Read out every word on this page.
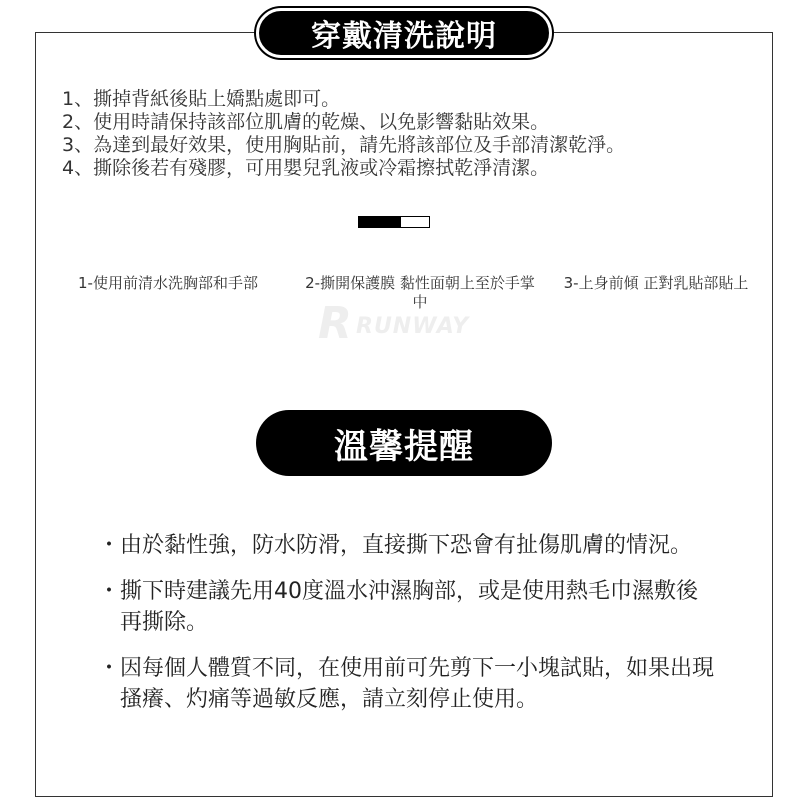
穿戴清洗說明
1、撕掉背紙後貼上嬌點處即可。
2、使用時請保持該部位肌膚的乾燥、以免影響黏貼效果。
3、為達到最好效果，使用胸貼前，請先將該部位及手部清潔乾淨。
4、撕除後若有殘膠，可用嬰兒乳液或冷霜擦拭乾淨清潔。
1-使用前清水洗胸部和手部	2-撕開保護膜 黏性面朝上至於手掌中
3-上身前傾 正對乳貼部貼上
R RUNWAY
溫馨提醒
・ 由於黏性強，防水防滑，直接撕下恐會有扯傷肌膚的情況。
・ 撕下時建議先用40度溫水沖濕胸部，或是使用熱毛巾濕敷後再撕除。
・ 因每個人體質不同，在使用前可先剪下一小塊試貼，如果出現搔癢、灼痛等過敏反應，請立刻停止使用。
